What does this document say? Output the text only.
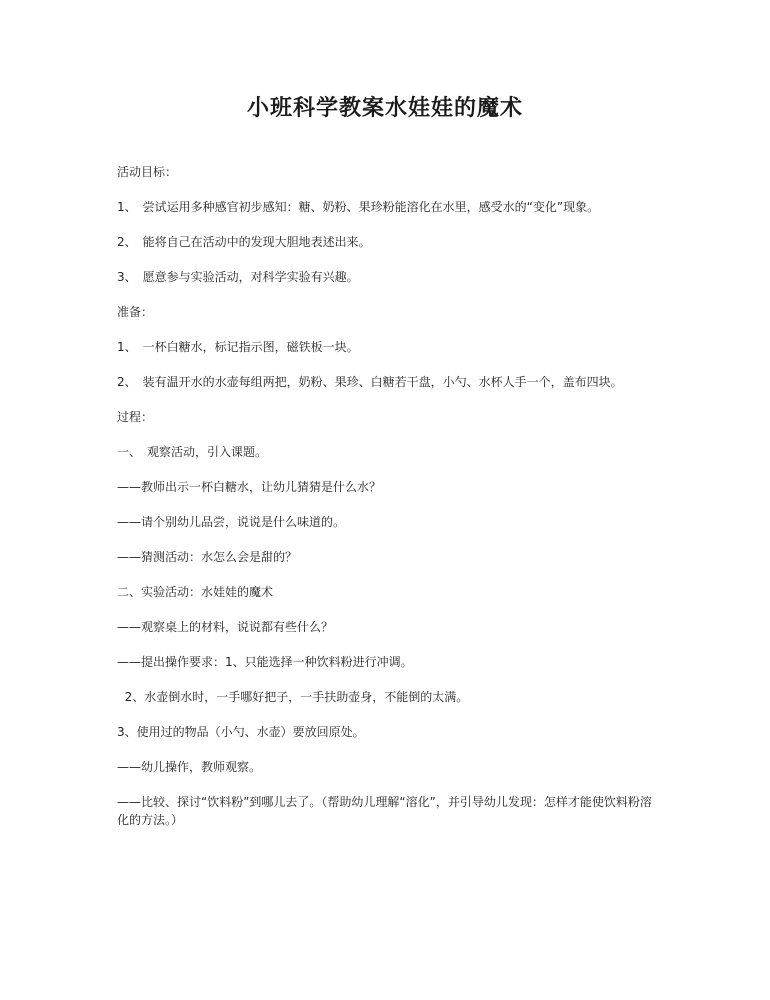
小班科学教案水娃娃的魔术

活动目标：

1、　尝试运用多种感官初步感知：糖、奶粉、果珍粉能溶化在水里，感受水的“变化”现象。

2、　能将自己在活动中的发现大胆地表述出来。

3、　愿意参与实验活动，对科学实验有兴趣。

准备：

1、　一杯白糖水，标记指示图，磁铁板一块。

2、　装有温开水的水壶每组两把，奶粉、果珍、白糖若干盘，小勺、水杯人手一个，盖布四块。

过程：

一、　观察活动，引入课题。

——教师出示一杯白糖水，让幼儿猜猜是什么水？

——请个别幼儿品尝，说说是什么味道的。

——猜测活动：水怎么会是甜的？

二、实验活动：水娃娃的魔术

——观察桌上的材料，说说都有些什么？

——提出操作要求：1、只能选择一种饮料粉进行冲调。

2、水壶倒水时，一手哪好把子，一手扶助壶身，不能倒的太满。

3、使用过的物品（小勺、水壶）要放回原处。

——幼儿操作，教师观察。

——比较、探讨“饮料粉”到哪儿去了。（帮助幼儿理解“溶化”，并引导幼儿发现：怎样才能使饮料粉溶化的方法。）
